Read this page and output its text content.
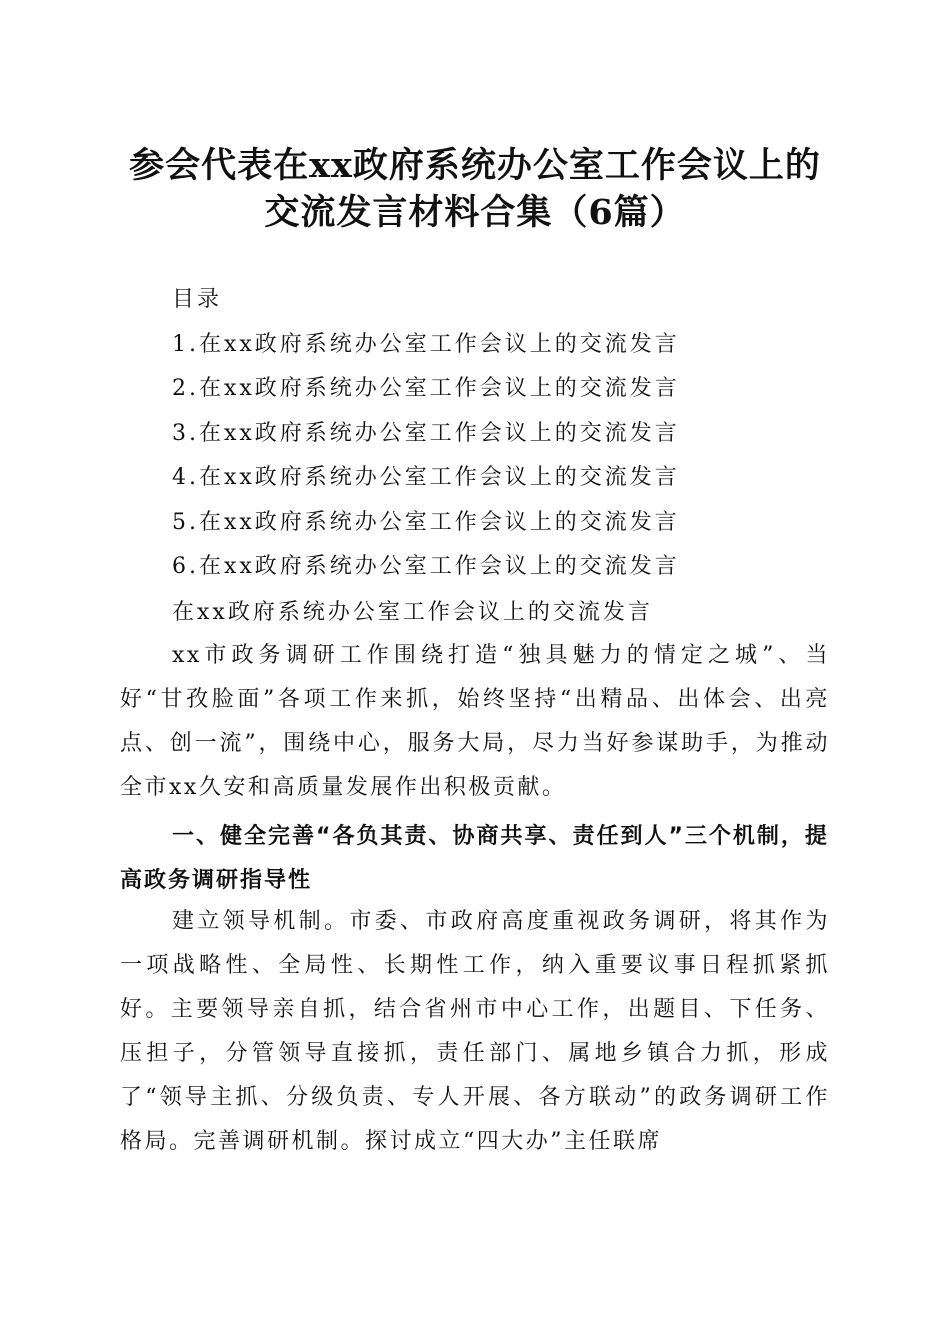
参会代表在xx政府系统办公室工作会议上的
交流发言材料合集（6篇）
目录
1.在xx政府系统办公室工作会议上的交流发言
2.在xx政府系统办公室工作会议上的交流发言
3.在xx政府系统办公室工作会议上的交流发言
4.在xx政府系统办公室工作会议上的交流发言
5.在xx政府系统办公室工作会议上的交流发言
6.在xx政府系统办公室工作会议上的交流发言
在xx政府系统办公室工作会议上的交流发言
xx市政务调研工作围绕打造“独具魅力的情定之城”、当好“甘孜脸面”各项工作来抓，始终坚持“出精品、出体会、出亮点、创一流”，围绕中心，服务大局，尽力当好参谋助手，为推动全市xx久安和高质量发展作出积极贡献。
一、健全完善“各负其责、协商共享、责任到人”三个机制，提高政务调研指导性
建立领导机制。市委、市政府高度重视政务调研，将其作为一项战略性、全局性、长期性工作，纳入重要议事日程抓紧抓好。主要领导亲自抓，结合省州市中心工作，出题目、下任务、压担子，分管领导直接抓，责任部门、属地乡镇合力抓，形成了“领导主抓、分级负责、专人开展、各方联动”的政务调研工作格局。完善调研机制。探讨成立“四大办”主任联席
